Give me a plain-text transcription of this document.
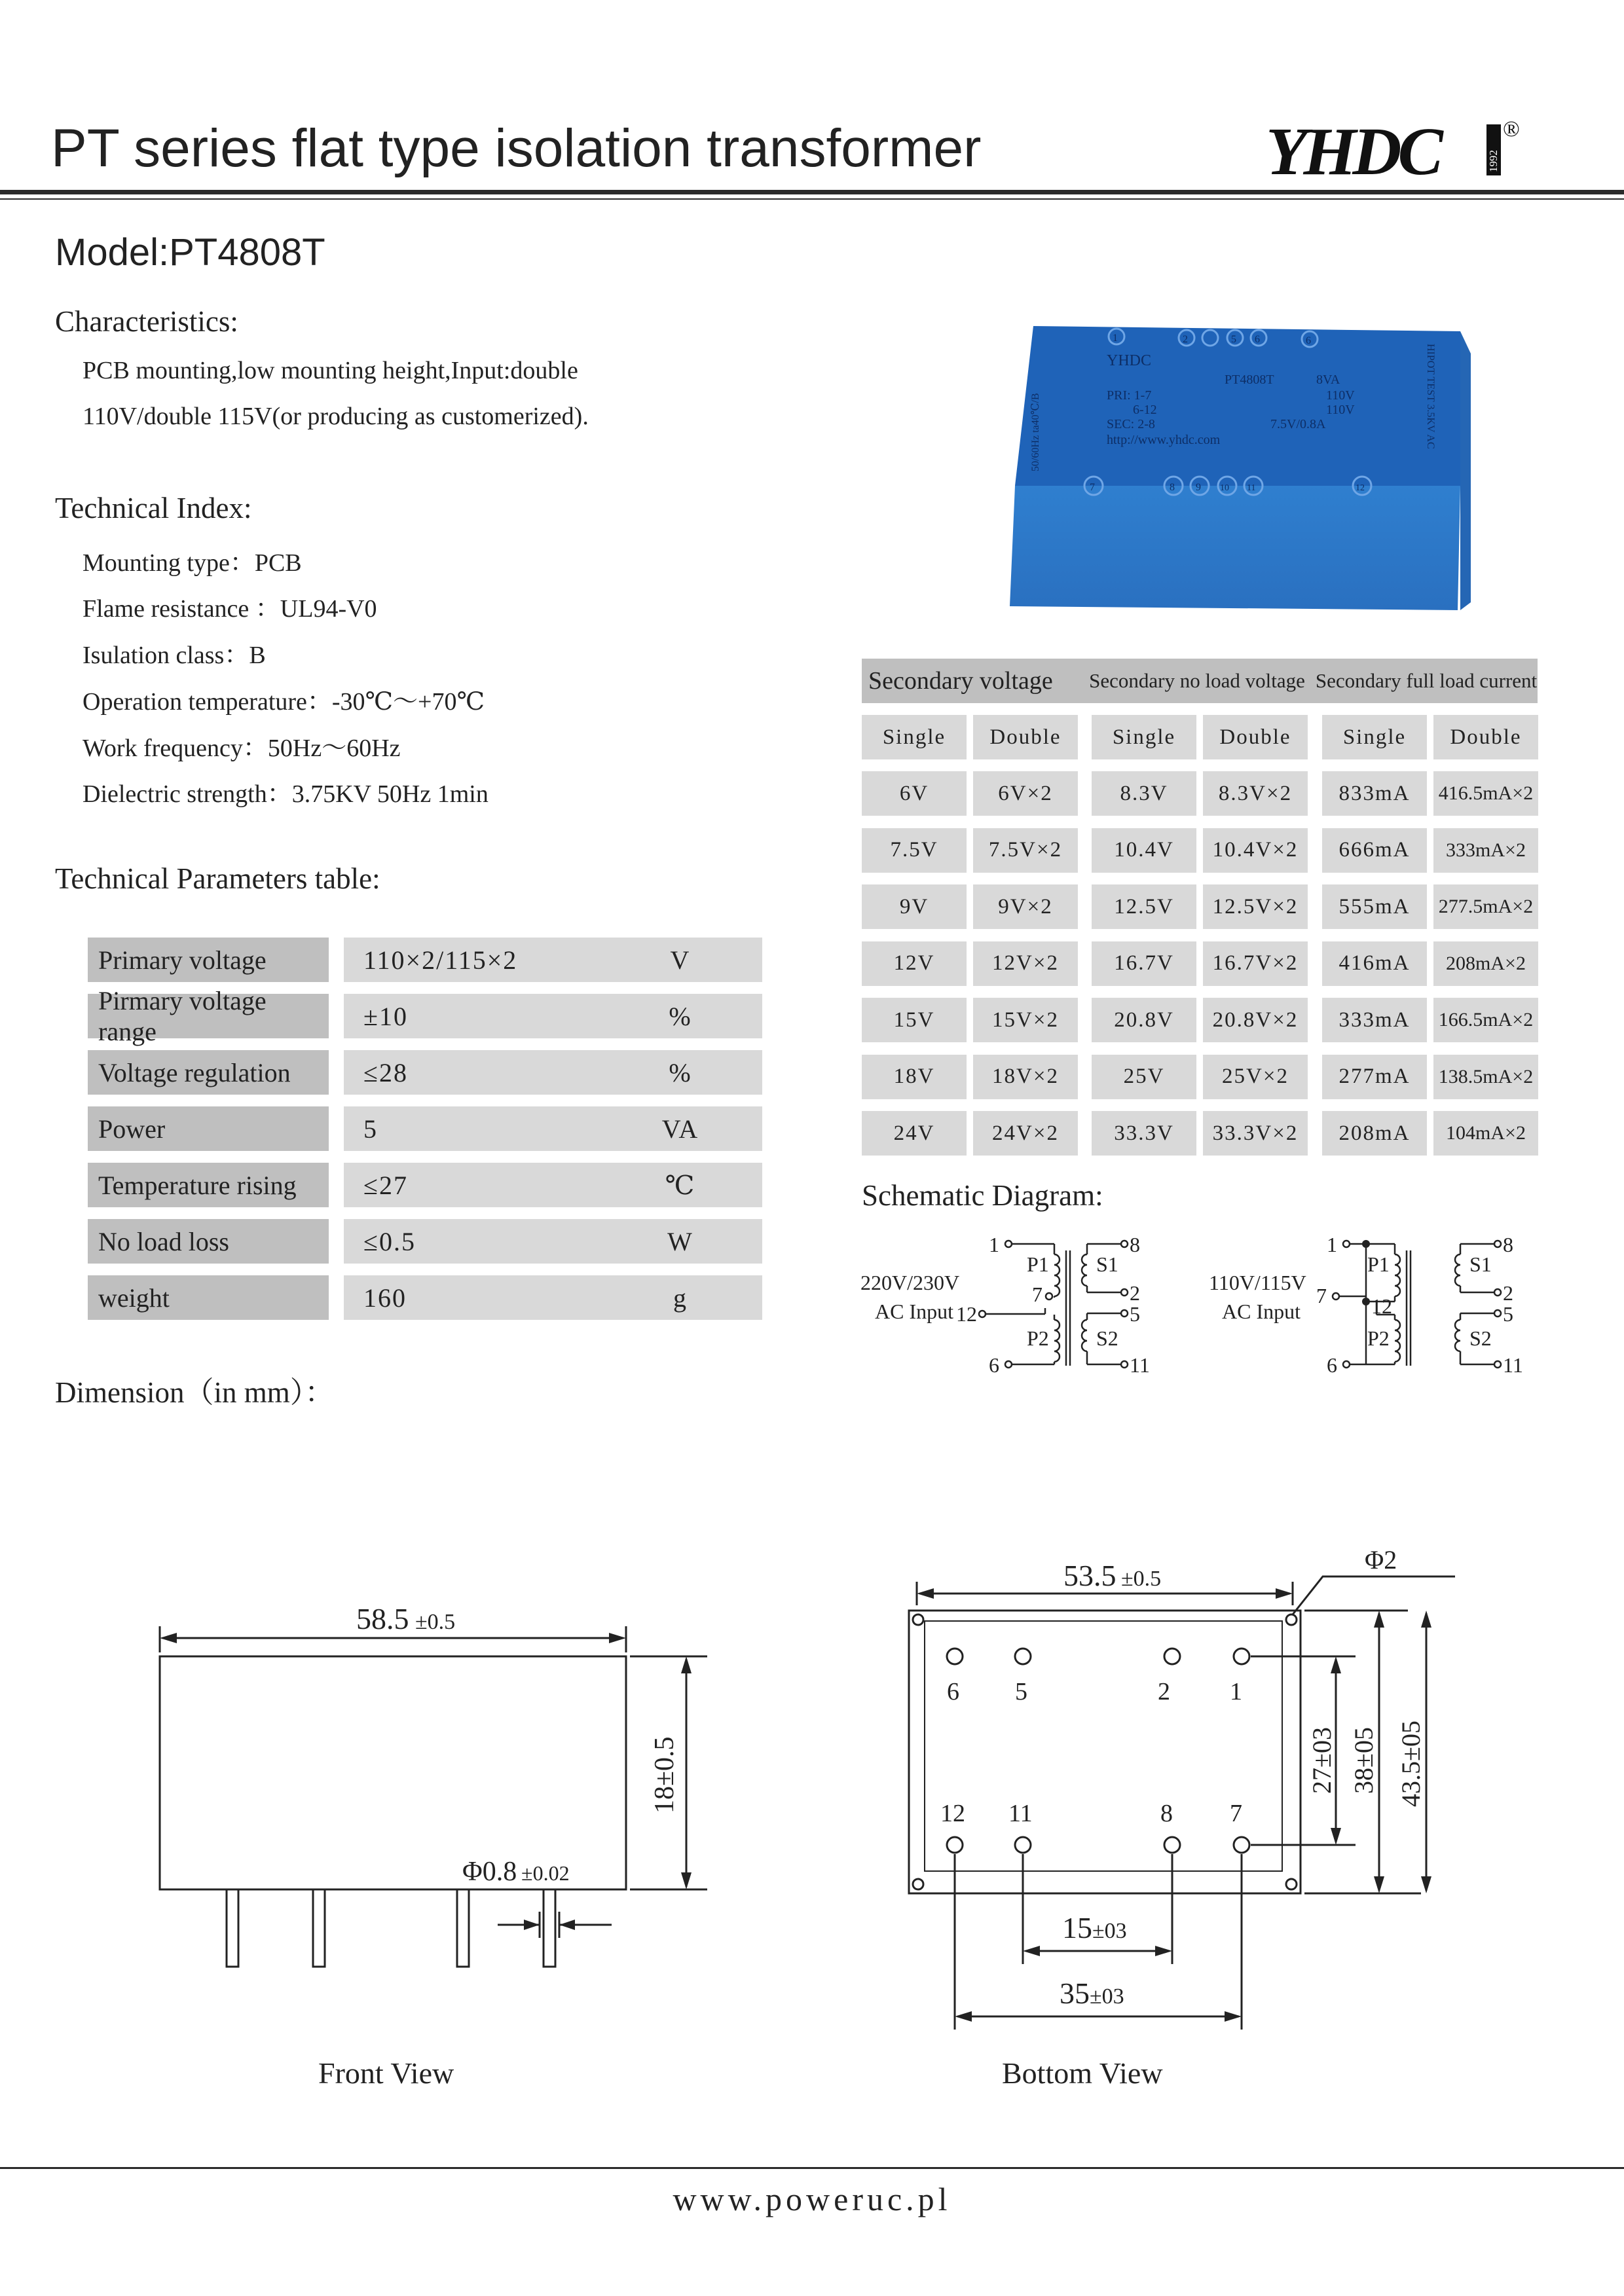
PT series flat type isolation transformer	YHDC	1992
®
Model:PT4808T
Characteristics:
PCB mounting,low mounting height,Input:double
110V/double 115V(or producing as customerized).
Technical Index:
Mounting type：PCB
Flame resistance ：UL94-V0
Isulation class：B
Operation temperature：-30℃～+70℃
Work frequency：50Hz～60Hz
Dielectric strength：3.75KV 50Hz 1min
Technical Parameters table:
Primary voltage	110×2/115×2	V
Pirmary voltage range
±10	%
Voltage regulation	≤28	%
Power	5	VA
Temperature rising	≤27	℃
No load loss	≤0.5	W
weight	160	g
YHDC
PT4808T	8VA
PRI: 1-7	110V
6-12	110V
SEC: 2-8	7.5V/0.8A
http://www.yhdc.com
50/60Hz ta40℃/B	HIPOT TEST 3.5KV AC
1	2	5 6	6
7	8 9 10 11	12
Secondary voltage	Secondary no load voltage Secondary full load current
Single	Double	Single	Double	Single	Double
6V	6V×2	8.3V	8.3V×2	833mA	416.5mA×2
7.5V	7.5V×2	10.4V	10.4V×2	666mA	333mA×2
9V	9V×2	12.5V	12.5V×2	555mA	277.5mA×2
12V	12V×2	16.7V	16.7V×2	416mA	208mA×2
15V	15V×2	20.8V	20.8V×2	333mA	166.5mA×2
18V	18V×2	25V	25V×2	277mA	138.5mA×2
24V	24V×2	33.3V	33.3V×2	208mA	104mA×2
Schematic Diagram:
220V/230V
AC Input
1
7
12
6
P1
P2
S1
S2
8
2
5
11
110V/115V
AC Input
1
7 12
6
P1
P2
S1
S2
8
2
5
11
Dimension（in mm）：
58.5 ±0.5
18±0.5
Φ0.8 ±0.02
Front View
53.5 ±0.5
Φ2
6 5	2 1
12 11	8 7
27±03 38±05 43.5±05
15 ±03
35 ±03
Bottom View
www.poweruc.pl
